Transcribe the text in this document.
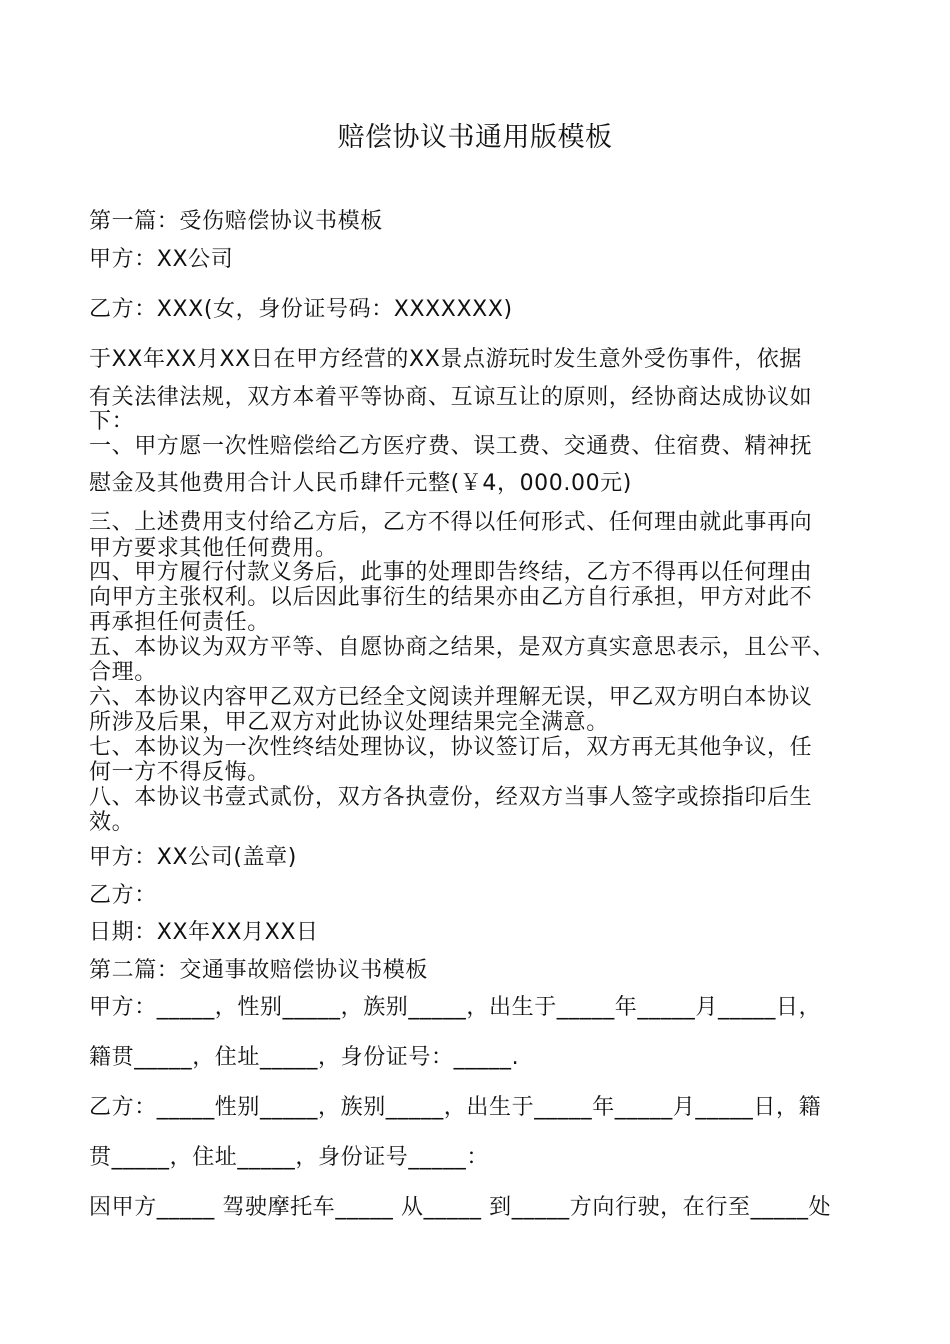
赔偿协议书通用版模板
第一篇：受伤赔偿协议书模板
甲方：XX公司
乙方：XXX(女，身份证号码：XXXXXXX)
于XX年XX月XX日在甲方经营的XX景点游玩时发生意外受伤事件，依据
有关法律法规，双方本着平等协商、互谅互让的原则，经协商达成协议如
下：
一、甲方愿一次性赔偿给乙方医疗费、误工费、交通费、住宿费、精神抚
慰金及其他费用合计人民币肆仟元整(￥4，000.00元)
三、上述费用支付给乙方后，乙方不得以任何形式、任何理由就此事再向
甲方要求其他任何费用。
四、甲方履行付款义务后，此事的处理即告终结，乙方不得再以任何理由
向甲方主张权利。以后因此事衍生的结果亦由乙方自行承担，甲方对此不
再承担任何责任。
五、本协议为双方平等、自愿协商之结果，是双方真实意思表示，且公平、
合理。
六、本协议内容甲乙双方已经全文阅读并理解无误，甲乙双方明白本协议
所涉及后果，甲乙双方对此协议处理结果完全满意。
七、本协议为一次性终结处理协议，协议签订后，双方再无其他争议，任
何一方不得反悔。
八、本协议书壹式贰份，双方各执壹份，经双方当事人签字或捺指印后生
效。
甲方：XX公司(盖章)
乙方：
日期：XX年XX月XX日
第二篇：交通事故赔偿协议书模板
甲方：_____，性别_____，族别_____，出生于_____年_____月_____日，
籍贯_____，住址_____，身份证号：_____.
乙方：_____性别_____，族别_____，出生于_____年_____月_____日，籍
贯_____，住址_____，身份证号_____：
因甲方_____ 驾驶摩托车_____ 从_____ 到_____方向行驶，在行至_____处
